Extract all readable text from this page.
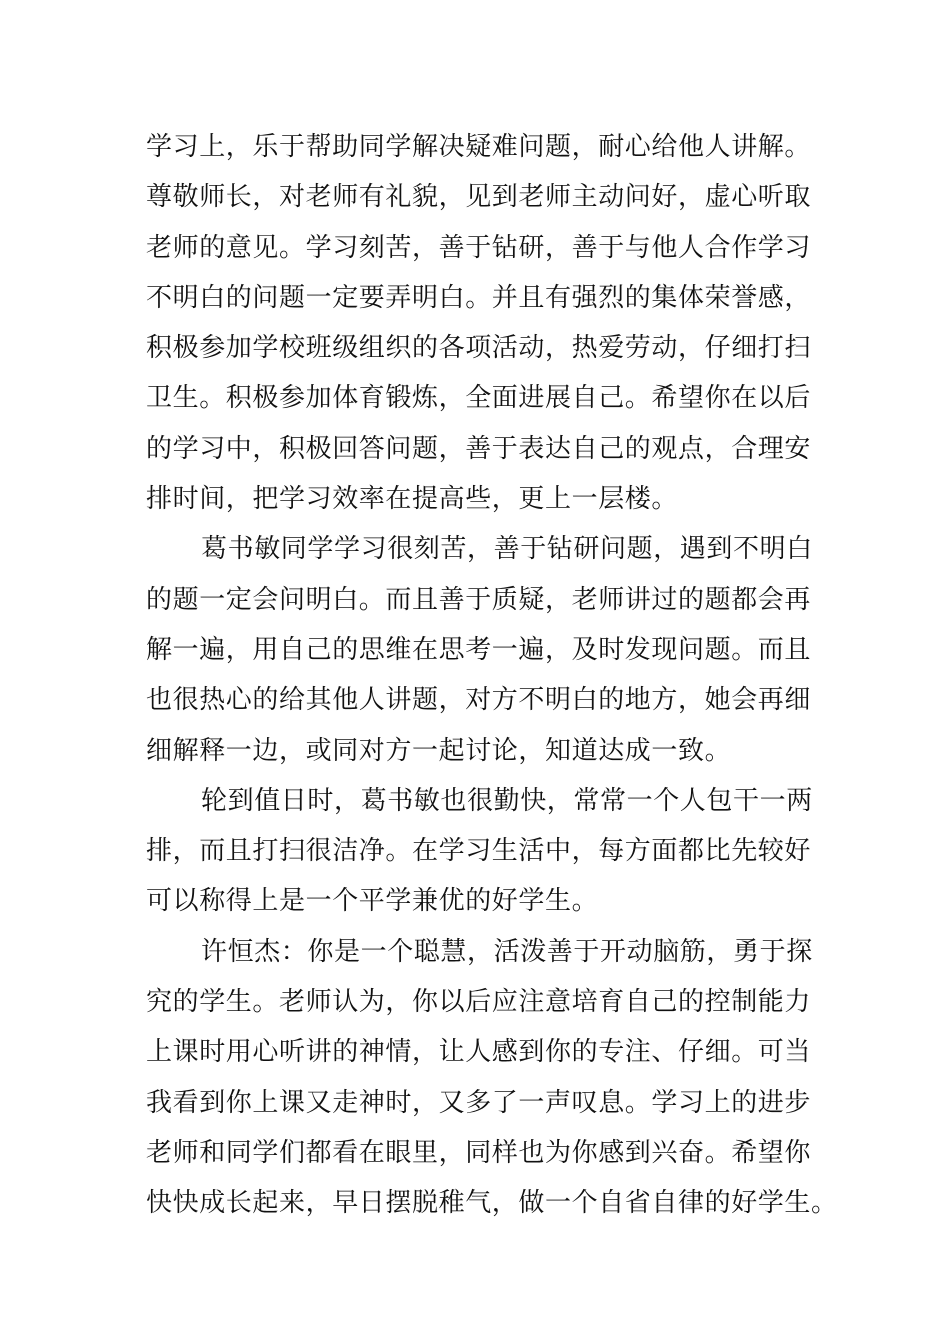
学习上，乐于帮助同学解决疑难问题，耐心给他人讲解。
尊敬师长，对老师有礼貌，见到老师主动问好，虚心听取
老师的意见。学习刻苦，善于钻研，善于与他人合作学习
不明白的问题一定要弄明白。并且有强烈的集体荣誉感，
积极参加学校班级组织的各项活动，热爱劳动，仔细打扫
卫生。积极参加体育锻炼，全面进展自己。希望你在以后
的学习中，积极回答问题，善于表达自己的观点，合理安
排时间，把学习效率在提高些，更上一层楼。
葛书敏同学学习很刻苦，善于钻研问题，遇到不明白
的题一定会问明白。而且善于质疑，老师讲过的题都会再
解一遍，用自己的思维在思考一遍，及时发现问题。而且
也很热心的给其他人讲题，对方不明白的地方，她会再细
细解释一边，或同对方一起讨论，知道达成一致。
轮到值日时，葛书敏也很勤快，常常一个人包干一两
排，而且打扫很洁净。在学习生活中，每方面都比先较好
可以称得上是一个平学兼优的好学生。
许恒杰：你是一个聪慧，活泼善于开动脑筋，勇于探
究的学生。老师认为，你以后应注意培育自己的控制能力
上课时用心听讲的神情，让人感到你的专注、仔细。可当
我看到你上课又走神时，又多了一声叹息。学习上的进步
老师和同学们都看在眼里，同样也为你感到兴奋。希望你
快快成长起来，早日摆脱稚气，做一个自省自律的好学生。
